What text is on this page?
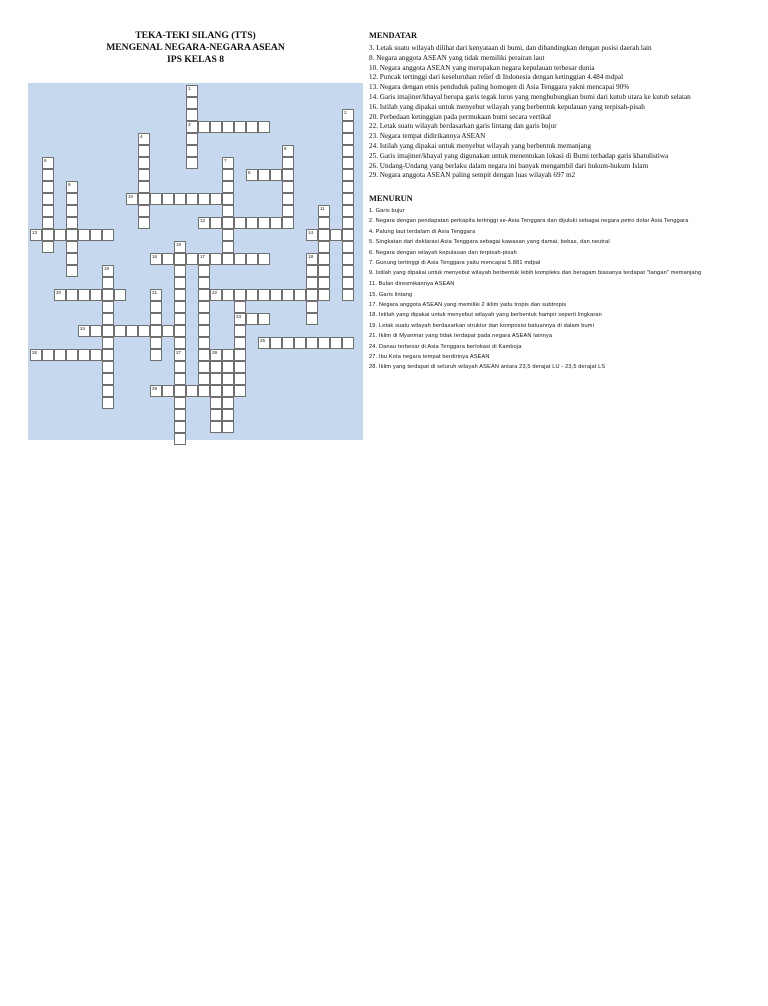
TEKA-TEKI SILANG (TTS)
MENGENAL NEGARA-NEGARA ASEAN
IPS KELAS 8
3
8
10
12
13	14
16	17
20	22
23
24
25
26
29
1
2
4
5
6	7
9
11
15
27
18
19
21
28
MENDATAR
3. Letak suatu wilayah dilihat dari kenyataan di bumi, dan dibandingkan dengan posisi daerah lain
8. Negara anggota ASEAN yang tidak memiliki perairan laut
10. Negara anggota ASEAN yang merupakan negara kepulauan terbesar dunia
12. Puncak tertinggi dari keseluruhan relief di Indonesia dengan ketinggian 4.484 mdpal
13. Negara dengan etnis penduduk paling homogen di Asia Tenggara yakni mencapai 90%
14. Garis imajiner/khayal berupa garis tegak lurus yang menghubungkan bumi dari kutub utara ke kutub selatan
16. Istilah yang dipakai untuk menyebut wilayah yang berbentuk kepulauan yang terpisah-pisah
20. Perbedaan ketinggian pada permukaan bumi secara vertikal
22. Letak suatu wilayah berdasarkan garis lintang dan garis bujur
23. Negara tempat didirikannya ASEAN
24. Istilah yang dipakai untuk menyebut wilayah yang berbentuk memanjang
25. Garis imajiner/khayal yang digunakan untuk menentukan lokasi di Bumi terhadap garis khatulistiwa
26. Undang-Undang yang berlaku dalam negara ini banyak mengambil dari hukum-hukum Islam
29. Negara anggota ASEAN paling sempit dengan luas wilayah 697 m2
MENURUN
1. Garis bujur
2. Negara dengan pendapatan perkapita tertinggi se-Asia Tenggara dan dijuluki sebagai negara petro dolar Asia Tenggara
4. Palung laut terdalam di Asia Tenggara
5. Singkatan dari deklarasi Asia Tenggara sebagai kawasan yang damai, bebas, dan neutral
6. Negara dengan wilayah kepulauan dan terpisah-pisah
7. Gunung tertinggi di Asia Tenggara yaitu mencapai 5.881 mdpal
9. Istilah yang dipakai untuk menyebut wilayah berbentuk lebih kompleks dan beragam biasanya terdapat "tangan" memanjang
11. Bulan diresmikannya ASEAN
15. Garis lintang
17. Negara anggota ASEAN yang memiliki 2 iklim yaitu tropis dan subtropis
18. Istilah yang dipakai untuk menyebut wilayah yang berbentuk hampir seperti lingkaran
19. Letak suatu wilayah berdasarkan struktur dan komposisi batuannya di dalam bumi
21. Iklim di Myanmar yang tidak terdapat pada negara ASEAN lainnya
24. Danau terbesar di Asia Tenggara berlokasi di Kamboja
27. Ibu Kota negara tempat berdirinya ASEAN
28. Iklim yang terdapat di seluruh wilayah ASEAN antara 23,5 derajat LU - 23,5 derajat LS
